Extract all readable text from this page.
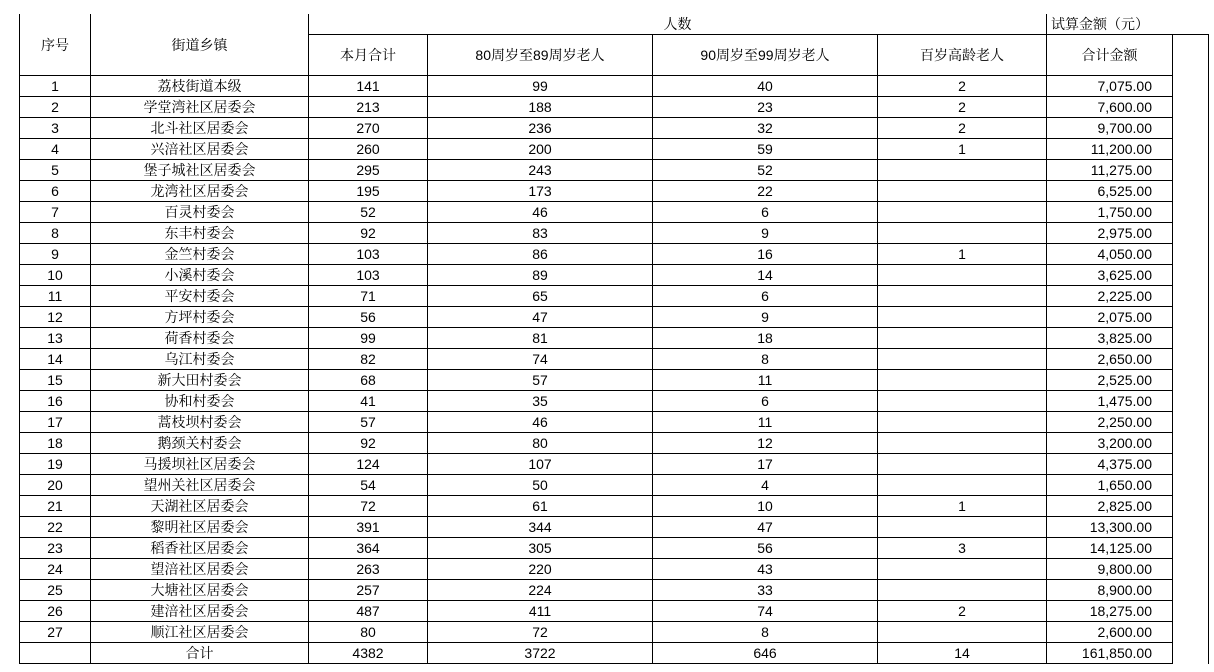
序号	街道乡镇	人数				试算金额（元）	
		本月合计	80周岁至89周岁老人	90周岁至99周岁老人	百岁高龄老人	合计金额	
1	荔枝街道本级	141	99	40	2	7,075.00	
2	学堂湾社区居委会	213	188	23	2	7,600.00	
3	北斗社区居委会	270	236	32	2	9,700.00	
4	兴涪社区居委会	260	200	59	1	11,200.00	
5	堡子城社区居委会	295	243	52		11,275.00	
6	龙湾社区居委会	195	173	22		6,525.00	
7	百灵村委会	52	46	6		1,750.00	
8	东丰村委会	92	83	9		2,975.00	
9	金竺村委会	103	86	16	1	4,050.00	
10	小溪村委会	103	89	14		3,625.00	
11	平安村委会	71	65	6		2,225.00	
12	方坪村委会	56	47	9		2,075.00	
13	荷香村委会	99	81	18		3,825.00	
14	乌江村委会	82	74	8		2,650.00	
15	新大田村委会	68	57	11		2,525.00	
16	协和村委会	41	35	6		1,475.00	
17	蒿枝坝村委会	57	46	11		2,250.00	
18	鹅颈关村委会	92	80	12		3,200.00	
19	马援坝社区居委会	124	107	17		4,375.00	
20	望州关社区居委会	54	50	4		1,650.00	
21	天湖社区居委会	72	61	10	1	2,825.00	
22	黎明社区居委会	391	344	47		13,300.00	
23	稻香社区居委会	364	305	56	3	14,125.00	
24	望涪社区居委会	263	220	43		9,800.00	
25	大塘社区居委会	257	224	33		8,900.00	
26	建涪社区居委会	487	411	74	2	18,275.00	
27	顺江社区居委会	80	72	8		2,600.00	
	合计	4382	3722	646	14	161,850.00	
